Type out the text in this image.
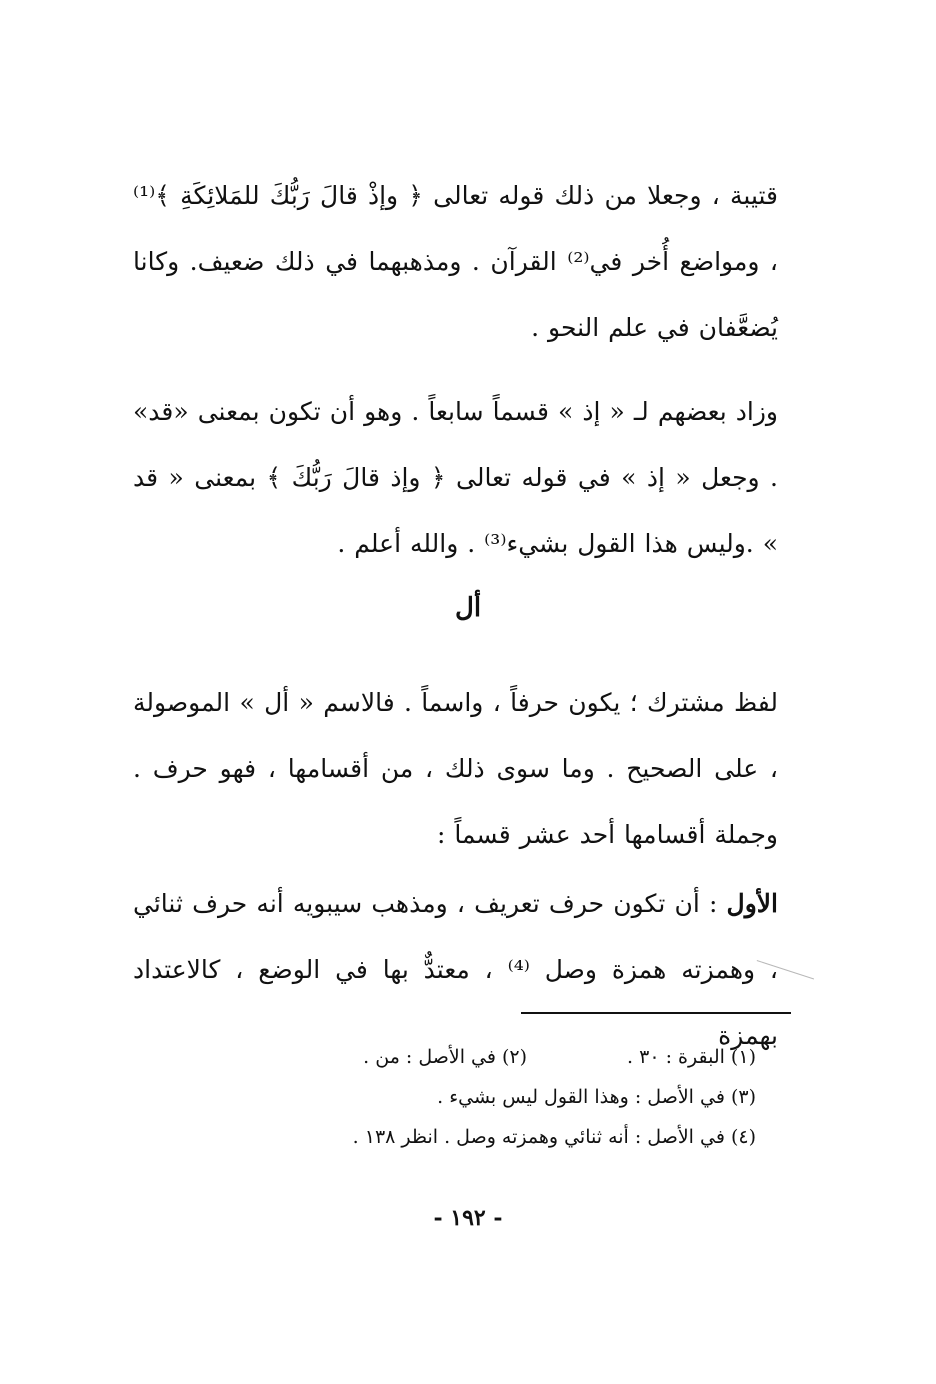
قتيبة ، وجعلا من ذلك قوله تعالى ﴿ وإذْ قالَ رَبُّكَ للمَلائِكَةِ ﴾⁽¹⁾ ، ومواضع أُخر في⁽²⁾ القرآن . ومذهبهما في ذلك ضعيف. وكانا يُضعَّفان في علم النحو .

وزاد بعضهم لـ « إذ » قسماً سابعاً . وهو أن تكون بمعنى «قد» . وجعل « إذ » في قوله تعالى ﴿ وإذ قالَ رَبُّكَ ﴾ بمعنى « قد » .وليس هذا القول بشيء⁽³⁾ . والله أعلم .

أل

لفظ مشترك ؛ يكون حرفاً ، واسماً . فالاسم « أل » الموصولة ، على الصحيح . وما سوى ذلك ، من أقسامها ، فهو حرف . وجملة أقسامها أحد عشر قسماً :

الأول : أن تكون حرف تعريف ، ومذهب سيبويه أنه حرف ثنائي ، وهمزته همزة وصل ⁽⁴⁾ ، معتدٌّ بها في الوضع ، كالاعتداد بهمزة

(١) البقرة : ٣٠ .
(٢) في الأصل : من .
(٣) في الأصل : وهذا القول ليس بشيء .
(٤) في الأصل : أنه ثنائي وهمزته وصل . انظر ١٣٨ .
- ١٩٢ -
